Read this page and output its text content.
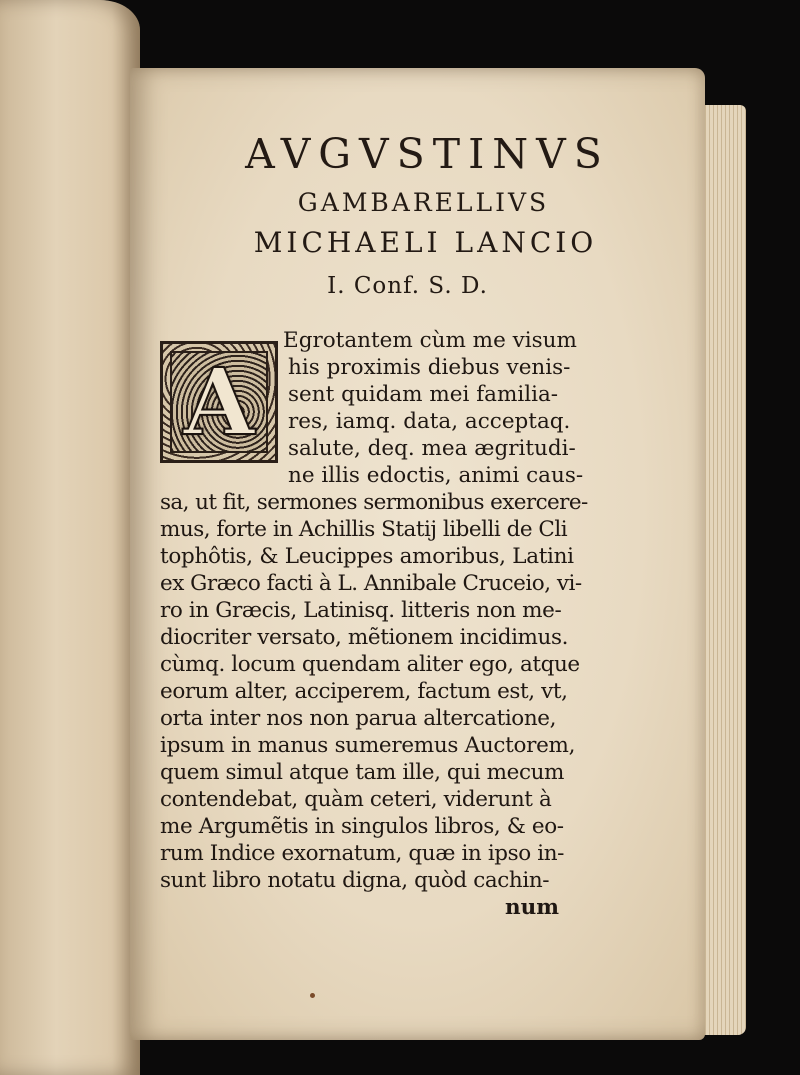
AVGVSTINVS
GAMBARELLIVS
MICHAELI LANCIO
I. Conf. S. D.
A
Egrotantem cùm me visum
his proximis diebus venis-
sent quidam mei familia-
res, iamq. data, acceptaq.
salute, deq. mea ægritudi-
ne illis edoctis, animi caus-
sa, ut fit, sermones sermonibus exercere-
mus, forte in Achillis Statij libelli de Cli
tophôtis, & Leucippes amoribus, Latini
ex Græco facti à L. Annibale Cruceio, vi-
ro in Græcis, Latinisq. litteris non me-
diocriter versato, mẽtionem incidimus.
cùmq. locum quendam aliter ego, atque
eorum alter, acciperem, factum est, vt,
orta inter nos non parua altercatione,
ipsum in manus sumeremus Auctorem,
quem simul atque tam ille, qui mecum
contendebat, quàm ceteri, viderunt à
me Argumẽtis in singulos libros, & eo-
rum Indice exornatum, quæ in ipso in-
sunt libro notatu digna, quòd cachin-
num
